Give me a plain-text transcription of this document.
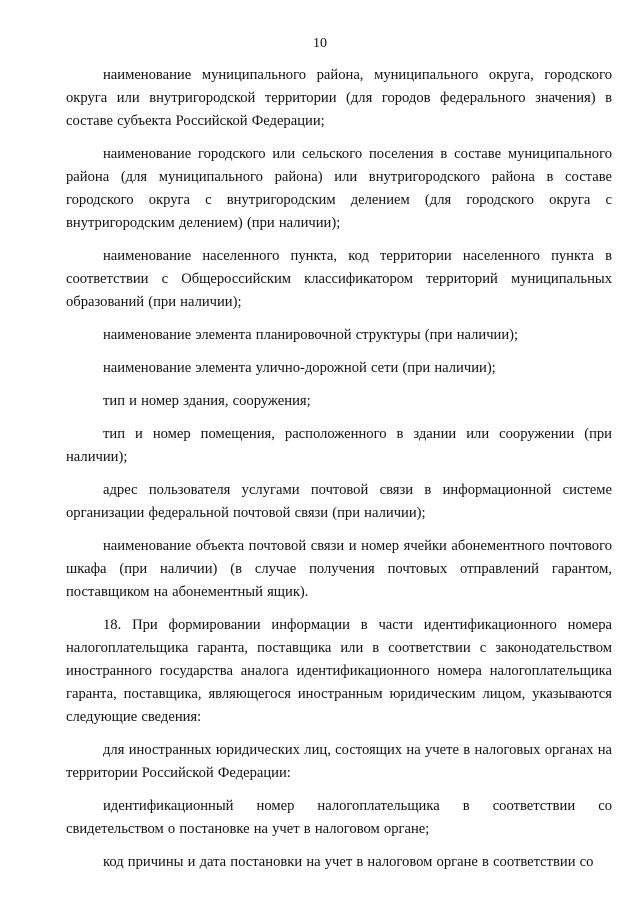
10

наименование муниципального района, муниципального округа, городского округа или внутригородской территории (для городов федерального значения) в составе субъекта Российской Федерации;

наименование городского или сельского поселения в составе муниципального района (для муниципального района) или внутригородского района в составе городского округа с внутригородским делением (для городского округа с внутригородским делением) (при наличии);

наименование населенного пункта, код территории населенного пункта в соответствии с Общероссийским классификатором территорий муниципальных образований (при наличии);

наименование элемента планировочной структуры (при наличии);

наименование элемента улично-дорожной сети (при наличии);

тип и номер здания, сооружения;

тип и номер помещения, расположенного в здании или сооружении (при наличии);

адрес пользователя услугами почтовой связи в информационной системе организации федеральной почтовой связи (при наличии);

наименование объекта почтовой связи и номер ячейки абонементного почтового шкафа (при наличии) (в случае получения почтовых отправлений гарантом, поставщиком на абонементный ящик).

18. При формировании информации в части идентификационного номера налогоплательщика гаранта, поставщика или в соответствии с законодательством иностранного государства аналога идентификационного номера налогоплательщика гаранта, поставщика, являющегося иностранным юридическим лицом, указываются следующие сведения:

для иностранных юридических лиц, состоящих на учете в налоговых органах на территории Российской Федерации:

идентификационный номер налогоплательщика в соответствии со свидетельством о постановке на учет в налоговом органе;

код причины и дата постановки на учет в налоговом органе в соответствии со
